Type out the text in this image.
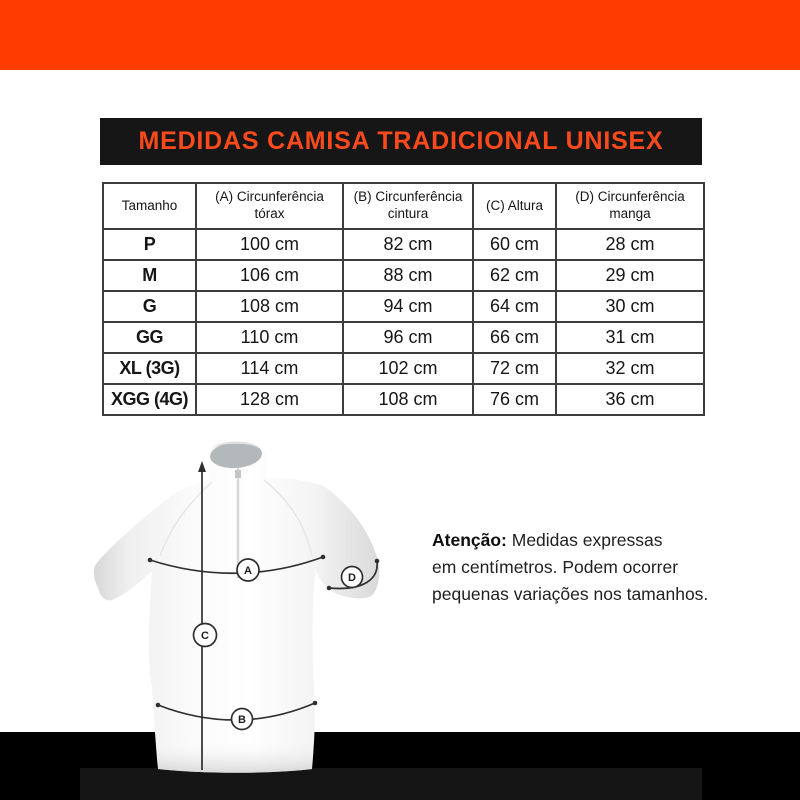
MEDIDAS CAMISA TRADICIONAL UNISEX
Tamanho	(A) Circunferência tórax	(B) Circunferência cintura	(C) Altura	(D) Circunferência manga
P	100 cm	82 cm	60 cm	28 cm
M	106 cm	88 cm	62 cm	29 cm
G	108 cm	94 cm	64 cm	30 cm
GG	110 cm	96 cm	66 cm	31 cm
XL (3G)	114 cm	102 cm	72 cm	32 cm
XGG (4G)	128 cm	108 cm	76 cm	36 cm
A
D
C
B
Atenção: Medidas expressas
em centímetros. Podem ocorrer
pequenas variações nos tamanhos.
